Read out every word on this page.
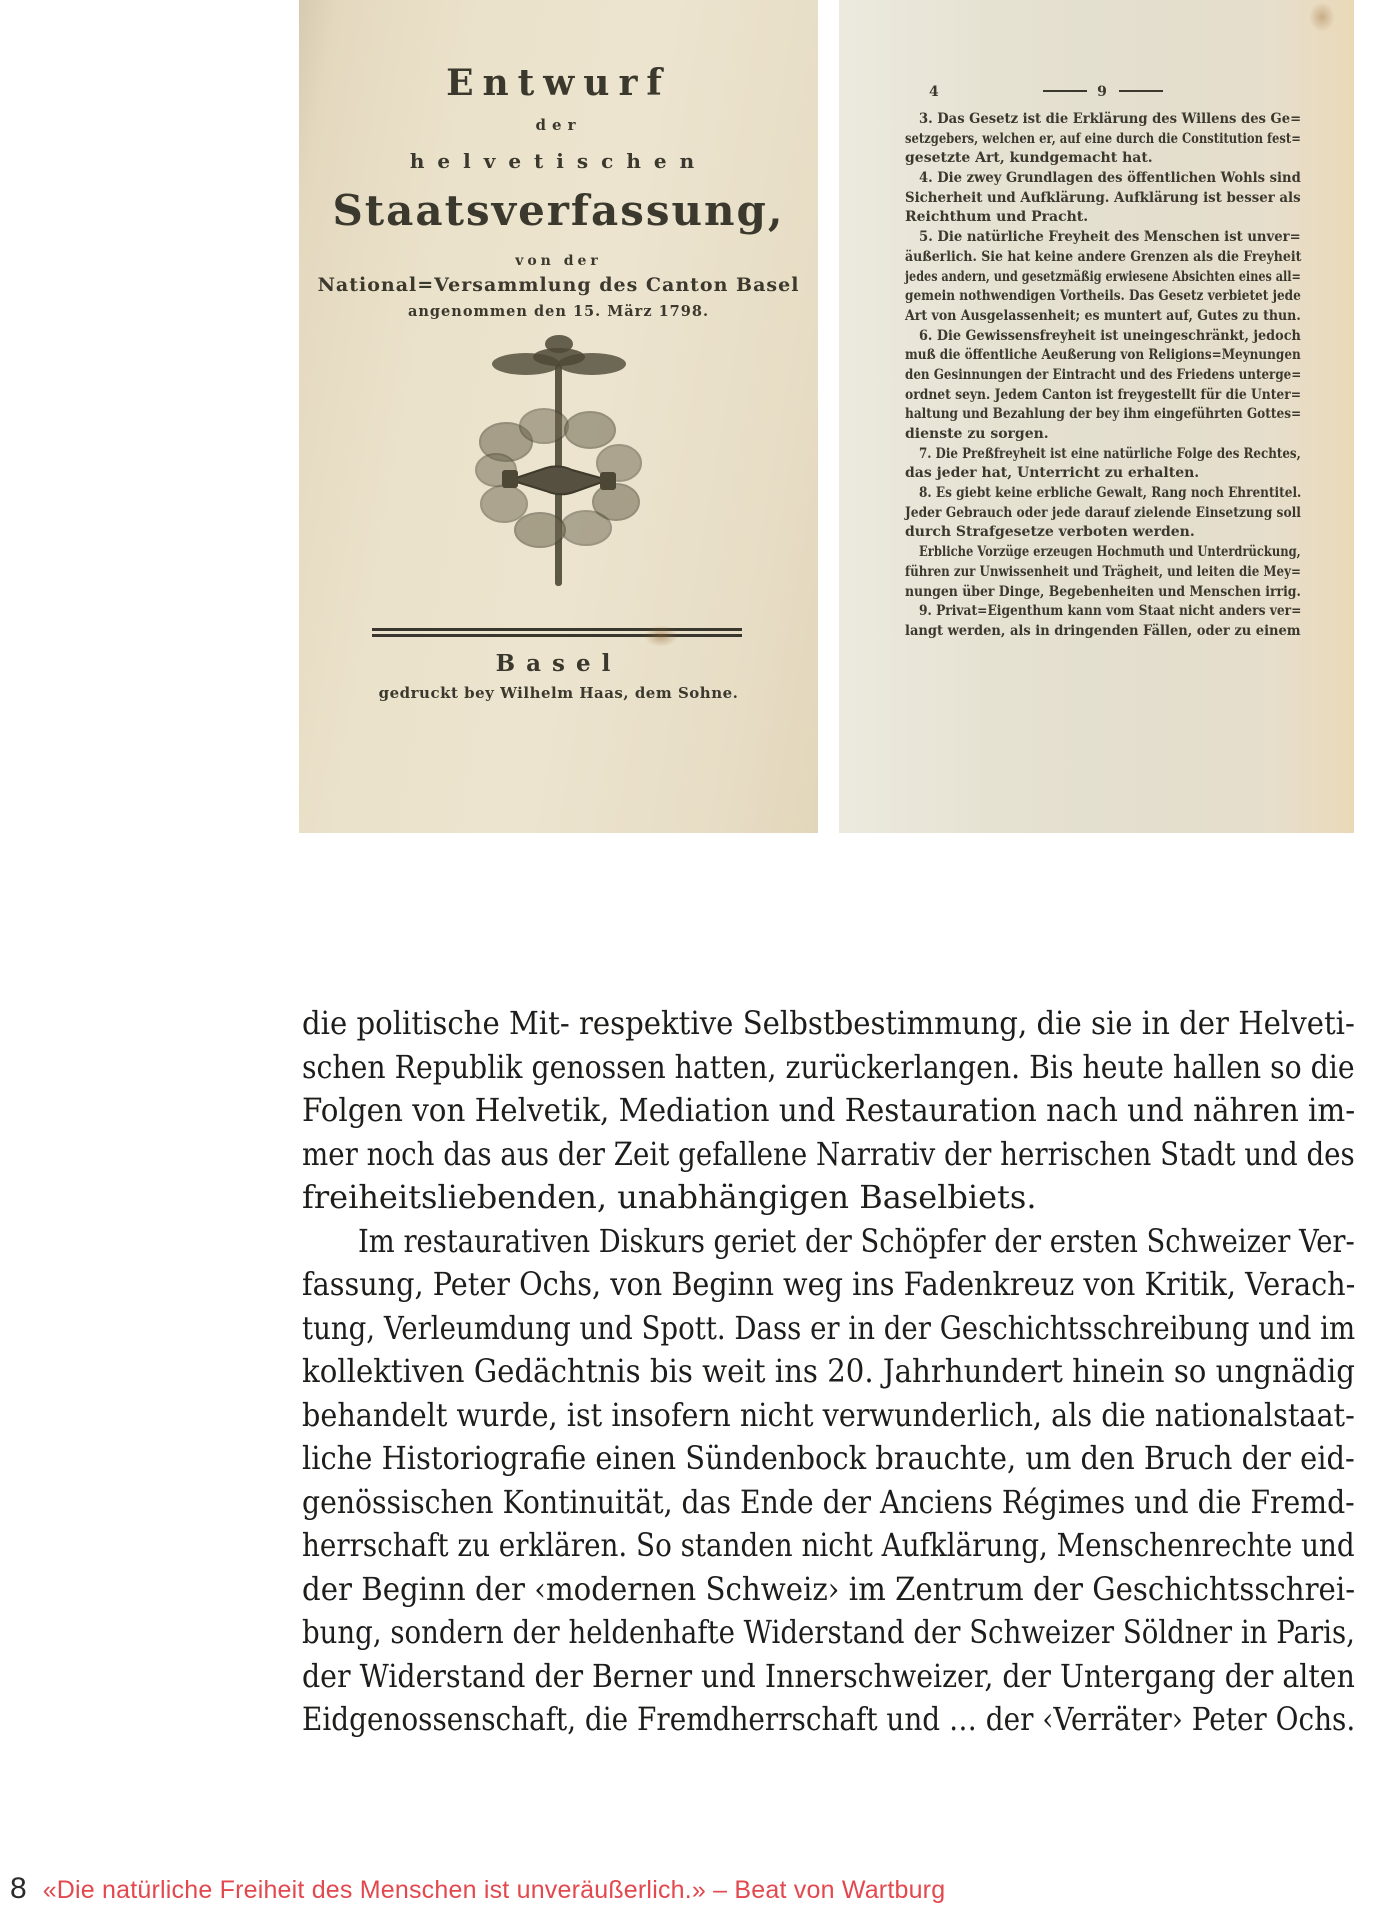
Entwurf
der
helvetischen
Staatsverfassung,
von der
National=Versammlung des Canton Basel
angenommen den 15. März 1798.
Basel
gedruckt bey Wilhelm Haas, dem Sohne.
4	9
3. Das Gesetz ist die Erklärung des Willens des Ge=
setzgebers, welchen er, auf eine durch die Constitution fest=
gesetzte Art, kundgemacht hat.
4. Die zwey Grundlagen des öffentlichen Wohls sind
Sicherheit und Aufklärung. Aufklärung ist besser als
Reichthum und Pracht.
5. Die natürliche Freyheit des Menschen ist unver=
äußerlich. Sie hat keine andere Grenzen als die Freyheit
jedes andern, und gesetzmäßig erwiesene Absichten eines all=
gemein nothwendigen Vortheils. Das Gesetz verbietet jede
Art von Ausgelassenheit; es muntert auf, Gutes zu thun.
6. Die Gewissensfreyheit ist uneingeschränkt, jedoch
muß die öffentliche Aeußerung von Religions=Meynungen
den Gesinnungen der Eintracht und des Friedens unterge=
ordnet seyn. Jedem Canton ist freygestellt für die Unter=
haltung und Bezahlung der bey ihm eingeführten Gottes=
dienste zu sorgen.
7. Die Preßfreyheit ist eine natürliche Folge des Rechtes,
das jeder hat, Unterricht zu erhalten.
8. Es giebt keine erbliche Gewalt, Rang noch Ehrentitel.
Jeder Gebrauch oder jede darauf zielende Einsetzung soll
durch Strafgesetze verboten werden.
Erbliche Vorzüge erzeugen Hochmuth und Unterdrückung,
führen zur Unwissenheit und Trägheit, und leiten die Mey=
nungen über Dinge, Begebenheiten und Menschen irrig.
9. Privat=Eigenthum kann vom Staat nicht anders ver=
langt werden, als in dringenden Fällen, oder zu einem
die politische Mit- respektive Selbstbestimmung, die sie in der Helveti-
schen Republik genossen hatten, zurückerlangen. Bis heute hallen so die
Folgen von Helvetik, Mediation und Restauration nach und nähren im-
mer noch das aus der Zeit gefallene Narrativ der herrischen Stadt und des
freiheitsliebenden, unabhängigen Baselbiets.
Im restaurativen Diskurs geriet der Schöpfer der ersten Schweizer Ver-
fassung, Peter Ochs, von Beginn weg ins Fadenkreuz von Kritik, Verach-
tung, Verleumdung und Spott. Dass er in der Geschichtsschreibung und im
kollektiven Gedächtnis bis weit ins 20. Jahrhundert hinein so ungnädig
behandelt wurde, ist insofern nicht verwunderlich, als die nationalstaat-
liche Historiografie einen Sündenbock brauchte, um den Bruch der eid-
genössischen Kontinuität, das Ende der Anciens Régimes und die Fremd-
herrschaft zu erklären. So standen nicht Aufklärung, Menschenrechte und
der Beginn der ‹modernen Schweiz› im Zentrum der Geschichtsschrei-
bung, sondern der heldenhafte Widerstand der Schweizer Söldner in Paris,
der Widerstand der Berner und Innerschweizer, der Untergang der alten
Eidgenossenschaft, die Fremdherrschaft und … der ‹Verräter› Peter Ochs.
8 «Die natürliche Freiheit des Menschen ist unveräußerlich.» – Beat von Wartburg
